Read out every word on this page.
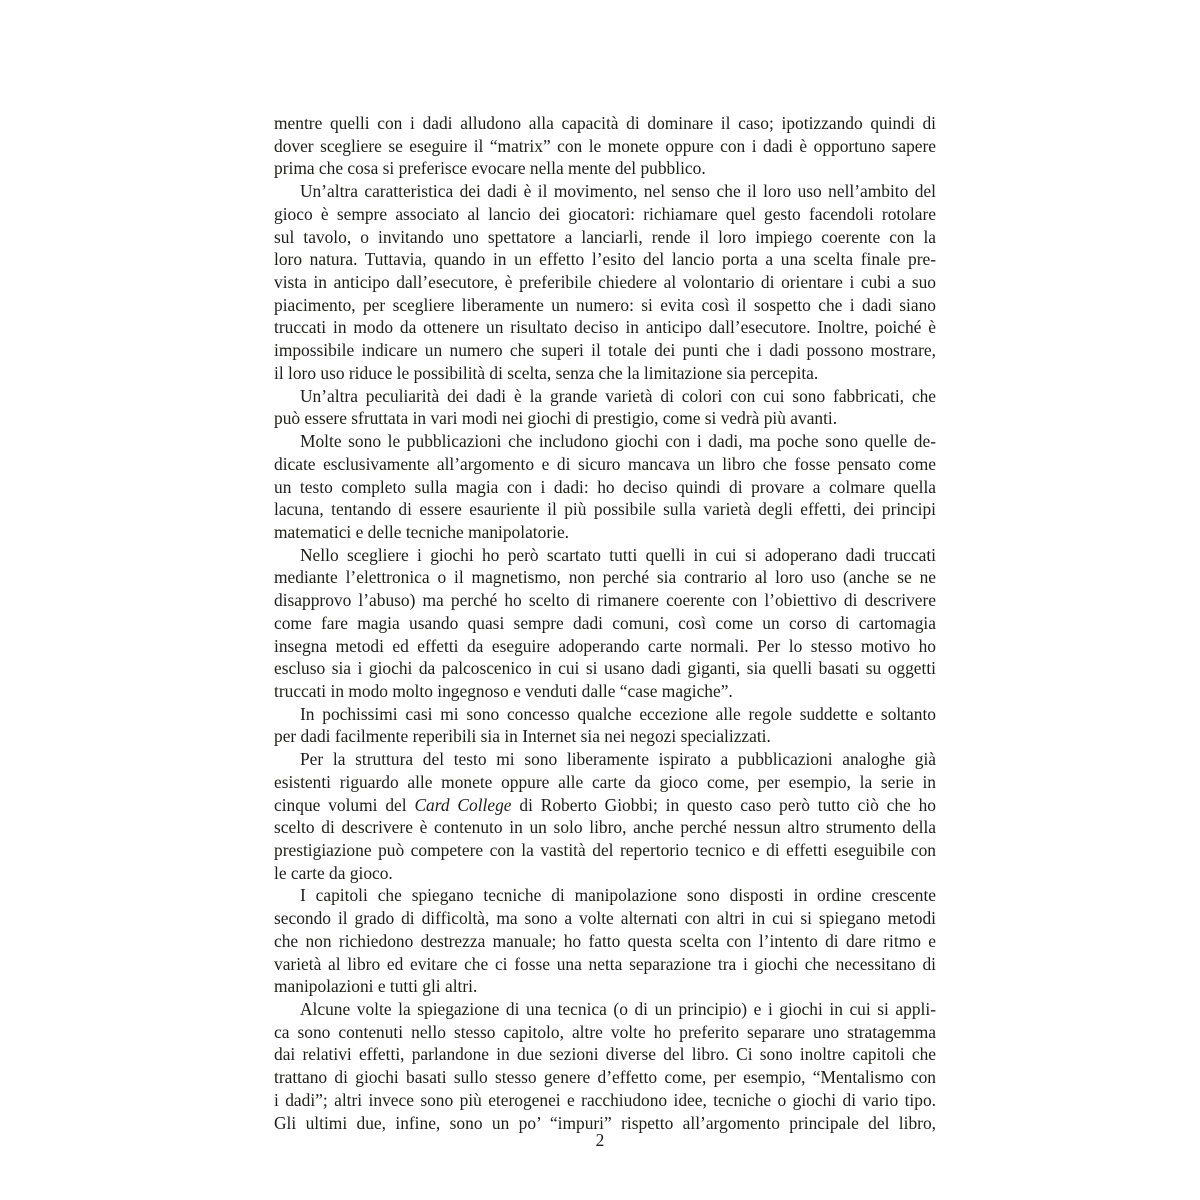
mentre quelli con i dadi alludono alla capacità di dominare il caso; ipotizzando quindi di
dover scegliere se eseguire il “matrix” con le monete oppure con i dadi è opportuno sapere
prima che cosa si preferisce evocare nella mente del pubblico.
Un’altra caratteristica dei dadi è il movimento, nel senso che il loro uso nell’ambito del
gioco è sempre associato al lancio dei giocatori: richiamare quel gesto facendoli rotolare
sul tavolo, o invitando uno spettatore a lanciarli, rende il loro impiego coerente con la
loro natura. Tuttavia, quando in un effetto l’esito del lancio porta a una scelta finale pre-
vista in anticipo dall’esecutore, è preferibile chiedere al volontario di orientare i cubi a suo
piacimento, per scegliere liberamente un numero: si evita così il sospetto che i dadi siano
truccati in modo da ottenere un risultato deciso in anticipo dall’esecutore. Inoltre, poiché è
impossibile indicare un numero che superi il totale dei punti che i dadi possono mostrare,
il loro uso riduce le possibilità di scelta, senza che la limitazione sia percepita.
Un’altra peculiarità dei dadi è la grande varietà di colori con cui sono fabbricati, che
può essere sfruttata in vari modi nei giochi di prestigio, come si vedrà più avanti.
Molte sono le pubblicazioni che includono giochi con i dadi, ma poche sono quelle de-
dicate esclusivamente all’argomento e di sicuro mancava un libro che fosse pensato come
un testo completo sulla magia con i dadi: ho deciso quindi di provare a colmare quella
lacuna, tentando di essere esauriente il più possibile sulla varietà degli effetti, dei principi
matematici e delle tecniche manipolatorie.
Nello scegliere i giochi ho però scartato tutti quelli in cui si adoperano dadi truccati
mediante l’elettronica o il magnetismo, non perché sia contrario al loro uso (anche se ne
disapprovo l’abuso) ma perché ho scelto di rimanere coerente con l’obiettivo di descrivere
come fare magia usando quasi sempre dadi comuni, così come un corso di cartomagia
insegna metodi ed effetti da eseguire adoperando carte normali. Per lo stesso motivo ho
escluso sia i giochi da palcoscenico in cui si usano dadi giganti, sia quelli basati su oggetti
truccati in modo molto ingegnoso e venduti dalle “case magiche”.
In pochissimi casi mi sono concesso qualche eccezione alle regole suddette e soltanto
per dadi facilmente reperibili sia in Internet sia nei negozi specializzati.
Per la struttura del testo mi sono liberamente ispirato a pubblicazioni analoghe già
esistenti riguardo alle monete oppure alle carte da gioco come, per esempio, la serie in
cinque volumi del Card College di Roberto Giobbi; in questo caso però tutto ciò che ho
scelto di descrivere è contenuto in un solo libro, anche perché nessun altro strumento della
prestigiazione può competere con la vastità del repertorio tecnico e di effetti eseguibile con
le carte da gioco.
I capitoli che spiegano tecniche di manipolazione sono disposti in ordine crescente
secondo il grado di difficoltà, ma sono a volte alternati con altri in cui si spiegano metodi
che non richiedono destrezza manuale; ho fatto questa scelta con l’intento di dare ritmo e
varietà al libro ed evitare che ci fosse una netta separazione tra i giochi che necessitano di
manipolazioni e tutti gli altri.
Alcune volte la spiegazione di una tecnica (o di un principio) e i giochi in cui si appli-
ca sono contenuti nello stesso capitolo, altre volte ho preferito separare uno stratagemma
dai relativi effetti, parlandone in due sezioni diverse del libro. Ci sono inoltre capitoli che
trattano di giochi basati sullo stesso genere d’effetto come, per esempio, “Mentalismo con
i dadi”; altri invece sono più eterogenei e racchiudono idee, tecniche o giochi di vario tipo.
Gli ultimi due, infine, sono un po’ “impuri” rispetto all’argomento principale del libro,
2
